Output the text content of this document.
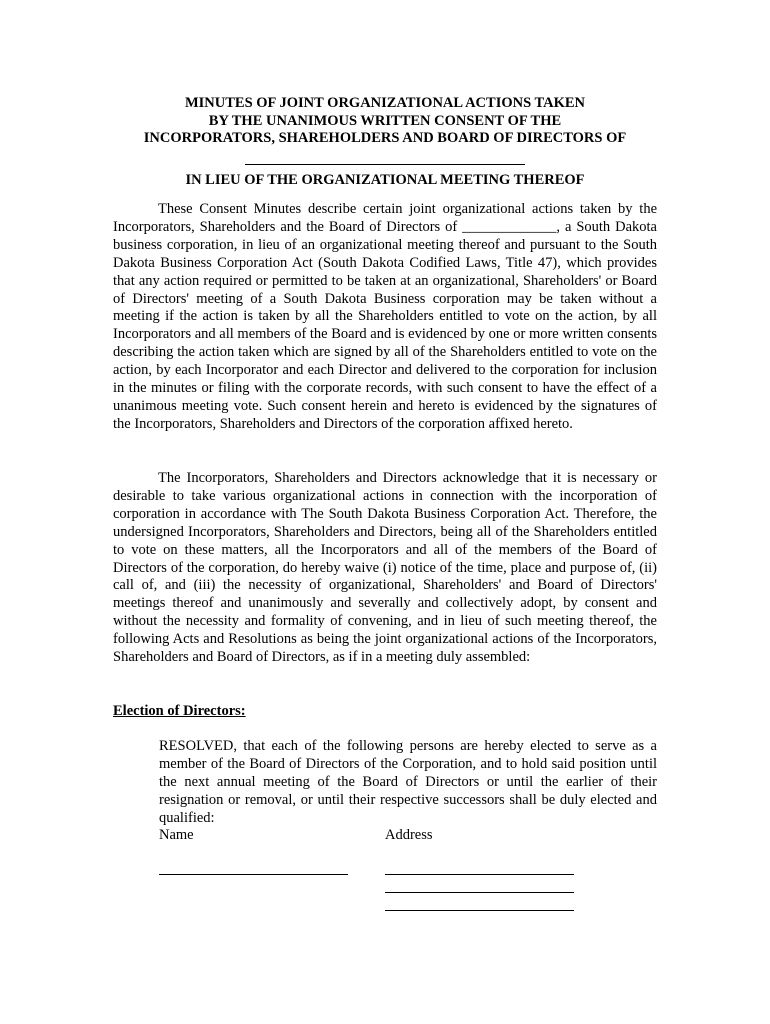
MINUTES OF JOINT ORGANIZATIONAL ACTIONS TAKEN
BY THE UNANIMOUS WRITTEN CONSENT OF THE
INCORPORATORS, SHAREHOLDERS AND BOARD OF DIRECTORS OF
IN LIEU OF THE ORGANIZATIONAL MEETING THEREOF

These Consent Minutes describe certain joint organizational actions taken by the Incorporators, Shareholders and the Board of Directors of _____________, a South Dakota business corporation, in lieu of an organizational meeting thereof and pursuant to the South Dakota Business Corporation Act (South Dakota Codified Laws, Title 47), which provides that any action required or permitted to be taken at an organizational, Shareholders' or Board of Directors' meeting of a South Dakota Business corporation may be taken without a meeting if the action is taken by all the Shareholders entitled to vote on the action, by all Incorporators and all members of the Board and is evidenced by one or more written consents describing the action taken which are signed by all of the Shareholders entitled to vote on the action, by each Incorporator and each Director and delivered to the corporation for inclusion in the minutes or filing with the corporate records, with such consent to have the effect of a unanimous meeting vote. Such consent herein and hereto is evidenced by the signatures of the Incorporators, Shareholders and Directors of the corporation affixed hereto.

The Incorporators, Shareholders and Directors acknowledge that it is necessary or desirable to take various organizational actions in connection with the incorporation of corporation in accordance with The South Dakota Business Corporation Act. Therefore, the undersigned Incorporators, Shareholders and Directors, being all of the Shareholders entitled to vote on these matters, all the Incorporators and all of the members of the Board of Directors of the corporation, do hereby waive (i) notice of the time, place and purpose of, (ii) call of, and (iii) the necessity of organizational, Shareholders' and Board of Directors' meetings thereof and unanimously and severally and collectively adopt, by consent and without the necessity and formality of convening, and in lieu of such meeting thereof, the following Acts and Resolutions as being the joint organizational actions of the Incorporators, Shareholders and Board of Directors, as if in a meeting duly assembled:

Election of Directors:

RESOLVED, that each of the following persons are hereby elected to serve as a member of the Board of Directors of the Corporation, and to hold said position until the next annual meeting of the Board of Directors or until the earlier of their resignation or removal, or until their respective successors shall be duly elected and qualified:

Name	Address
